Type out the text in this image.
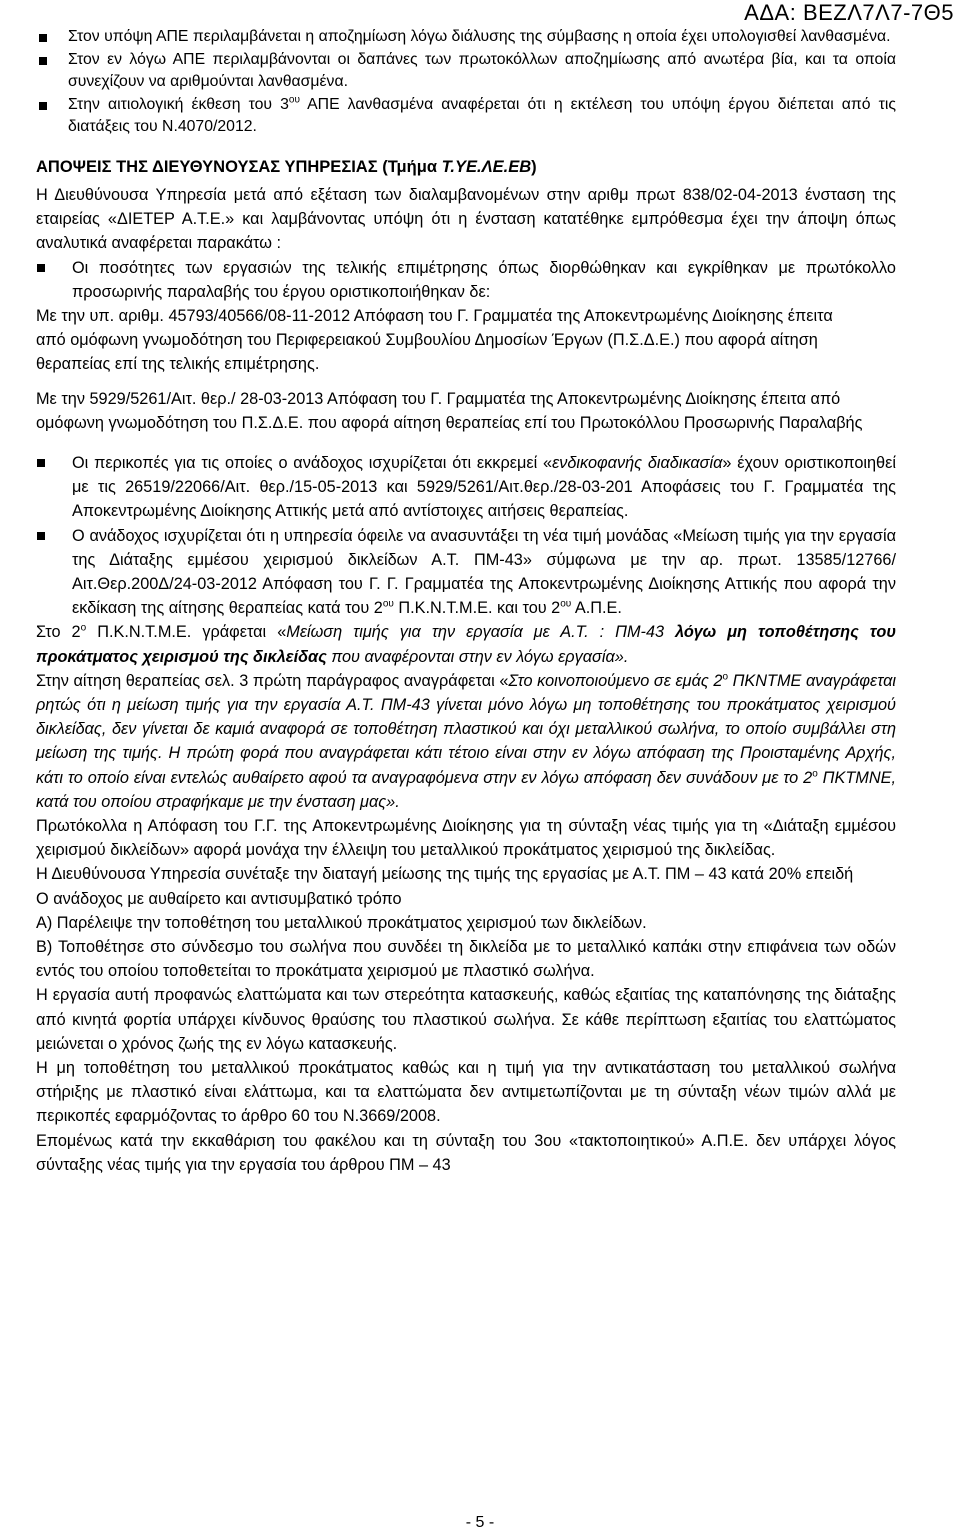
ΑΔΑ: ΒΕΖΛ7Λ7-7Θ5
Στον υπόψη ΑΠΕ περιλαμβάνεται η αποζημίωση λόγω διάλυσης της σύμβασης η οποία έχει υπολογισθεί λανθασμένα.
Στον εν λόγω ΑΠΕ περιλαμβάνονται οι δαπάνες των πρωτοκόλλων αποζημίωσης από ανωτέρα βία, και τα οποία συνεχίζουν να αριθμούνται λανθασμένα.
Στην αιτιολογική έκθεση του $3^{o\upsilon}$ ΑΠΕ λανθασμένα αναφέρεται ότι η εκτέλεση του υπόψη έργου διέπεται από τις διατάξεις του Ν.4070/2012.
ΑΠΟΨΕΙΣ ΤΗΣ ΔΙΕΥΘΥΝΟΥΣΑΣ ΥΠΗΡΕΣΙΑΣ (Τμήμα Τ.ΥΕ.ΛΕ.ΕΒ)

Η Διευθύνουσα Υπηρεσία μετά από εξέταση των διαλαμβανομένων στην αριθμ πρωτ 838/02-04-2013 ένσταση της εταιρείας «ΔΙΕΤΕΡ Α.Τ.Ε.» και λαμβάνοντας υπόψη ότι η ένσταση κατατέθηκε εμπρόθεσμα έχει την άποψη όπως αναλυτικά αναφέρεται παρακάτω :

Οι ποσότητες των εργασιών της τελικής επιμέτρησης όπως διορθώθηκαν και εγκρίθηκαν με πρωτόκολλο προσωρινής παραλαβής του έργου οριστικοποιήθηκαν δε:
Με την υπ. αριθμ. 45793/40566/08-11-2012 Απόφαση του Γ. Γραμματέα της Αποκεντρωμένης Διοίκησης έπειτα από ομόφωνη γνωμοδότηση του Περιφερειακού Συμβουλίου Δημοσίων Έργων (Π.Σ.Δ.Ε.) που αφορά αίτηση θεραπείας επί της τελικής επιμέτρησης.
Με την 5929/5261/Αιτ. θερ./ 28-03-2013 Απόφαση του Γ. Γραμματέα της Αποκεντρωμένης Διοίκησης έπειτα από ομόφωνη γνωμοδότηση του Π.Σ.Δ.Ε. που αφορά αίτηση θεραπείας επί του Πρωτοκόλλου Προσωρινής Παραλαβής
Οι περικοπές για τις οποίες ο ανάδοχος ισχυρίζεται ότι εκκρεμεί «ενδικοφανής διαδικασία» έχουν οριστικοποιηθεί με τις 26519/22066/Αιτ. θερ./15-05-2013 και 5929/5261/Αιτ.θερ./28-03-201 Αποφάσεις του Γ. Γραμματέα της Αποκεντρωμένης Διοίκησης Αττικής μετά από αντίστοιχες αιτήσεις θεραπείας.
Ο ανάδοχος ισχυρίζεται ότι η υπηρεσία όφειλε να ανασυντάξει τη νέα τιμή μονάδας «Μείωση τιμής για την εργασία της Διάταξης εμμέσου χειρισμού δικλείδων Α.Τ. ΠΜ-43» σύμφωνα με την αρ. πρωτ. 13585/12766/Αιτ.Θερ.200Δ/24-03-2012 Απόφαση του Γ. Γ. Γραμματέα της Αποκεντρωμένης Διοίκησης Αττικής που αφορά την εκδίκαση της αίτησης θεραπείας κατά του $2^{o\upsilon}$ Π.Κ.Ν.Τ.Μ.Ε. και του $2^{o\upsilon}$ Α.Π.Ε.
Στο $2^o$ Π.Κ.Ν.Τ.Μ.Ε. γράφεται «Μείωση τιμής για την εργασία με Α.Τ. : ΠΜ-43 λόγω μη τοποθέτησης του προκάτματος χειρισμού της δικλείδας που αναφέρονται στην εν λόγω εργασία».
Στην αίτηση θεραπείας σελ. 3 πρώτη παράγραφος αναγράφεται «Στο κοινοποιούμενο σε εμάς $2^o$ ΠΚΝΤΜΕ αναγράφεται ρητώς ότι η μείωση τιμής για την εργασία Α.Τ. ΠΜ-43 γίνεται μόνο λόγω μη τοποθέτησης του προκάτματος χειρισμού δικλείδας, δεν γίνεται δε καμιά αναφορά σε τοποθέτηση πλαστικού και όχι μεταλλικού σωλήνα, το οποίο συμβάλλει στη μείωση της τιμής. Η πρώτη φορά που αναγράφεται κάτι τέτοιο είναι στην εν λόγω απόφαση της Προισταμένης Αρχής, κάτι το οποίο είναι εντελώς αυθαίρετο αφού τα αναγραφόμενα στην εν λόγω απόφαση δεν συνάδουν με το $2^o$ ΠΚΤΜΝΕ, κατά του οποίου στραφήκαμε με την ένσταση μας».

Πρωτόκολλα η Απόφαση του Γ.Γ. της Αποκεντρωμένης Διοίκησης για τη σύνταξη νέας τιμής για τη «Διάταξη εμμέσου χειρισμού δικλείδων» αφορά μονάχα την έλλειψη του μεταλλικού προκάτματος χειρισμού της δικλείδας.

Η Διευθύνουσα Υπηρεσία συνέταξε την διαταγή μείωσης της τιμής της εργασίας με Α.Τ. ΠΜ – 43 κατά 20% επειδή

Ο ανάδοχος με αυθαίρετο και αντισυμβατικό τρόπο

Α) Παρέλειψε την τοποθέτηση του μεταλλικού προκάτματος χειρισμού των δικλείδων.

Β) Τοποθέτησε στο σύνδεσμο του σωλήνα που συνδέει τη δικλείδα με το μεταλλικό καπάκι στην επιφάνεια των οδών εντός του οποίου τοποθετείται το προκάτματα χειρισμού με πλαστικό σωλήνα.

Η εργασία αυτή προφανώς ελαττώματα και των στερεότητα κατασκευής, καθώς εξαιτίας της καταπόνησης της διάταξης από κινητά φορτία υπάρχει κίνδυνος θραύσης του πλαστικού σωλήνα. Σε κάθε περίπτωση εξαιτίας του ελαττώματος μειώνεται ο χρόνος ζωής της εν λόγω κατασκευής.

Η μη τοποθέτηση του μεταλλικού προκάτματος καθώς και η τιμή για την αντικατάσταση του μεταλλικού σωλήνα στήριξης με πλαστικό είναι ελάττωμα, και τα ελαττώματα δεν αντιμετωπίζονται με τη σύνταξη νέων τιμών αλλά με περικοπές εφαρμόζοντας το άρθρο 60 του Ν.3669/2008.

Επομένως κατά την εκκαθάριση του φακέλου και τη σύνταξη του 3ου «τακτοποιητικού» Α.Π.Ε. δεν υπάρχει λόγος σύνταξης νέας τιμής για την εργασία του άρθρου ΠΜ – 43

- 5 -
